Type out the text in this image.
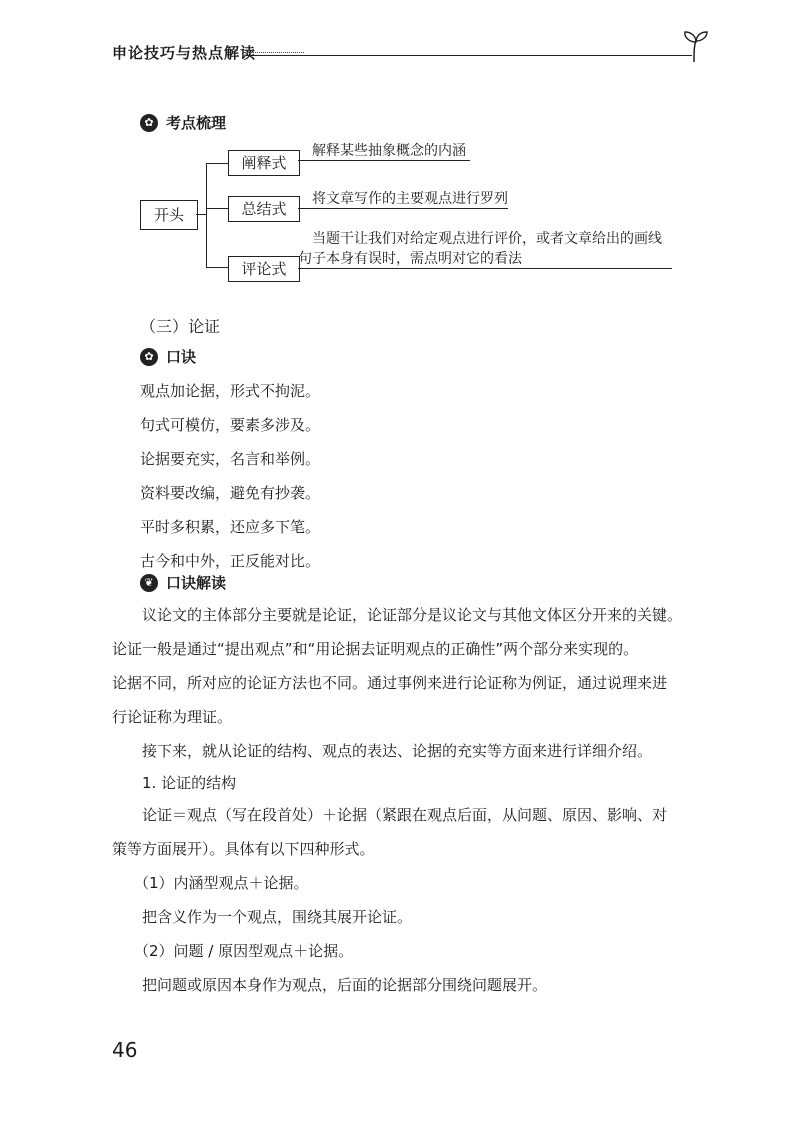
申论技巧与热点解读
✿ 考点梳理
开头
阐释式
解释某些抽象概念的内涵
总结式
将文章写作的主要观点进行罗列
评论式
当题干让我们对给定观点进行评价，或者文章给出的画线
句子本身有误时，需点明对它的看法
（三）论证
✿ 口诀
观点加论据，形式不拘泥。
句式可模仿，要素多涉及。
论据要充实，名言和举例。
资料要改编，避免有抄袭。
平时多积累，还应多下笔。
古今和中外，正反能对比。
❦ 口诀解读
议论文的主体部分主要就是论证，论证部分是议论文与其他文体区分开来的关键。
论证一般是通过“提出观点”和“用论据去证明观点的正确性”两个部分来实现的。
论据不同，所对应的论证方法也不同。通过事例来进行论证称为例证，通过说理来进
行论证称为理证。
接下来，就从论证的结构、观点的表达、论据的充实等方面来进行详细介绍。
1. 论证的结构
论证＝观点（写在段首处）＋论据（紧跟在观点后面，从问题、原因、影响、对
策等方面展开）。具体有以下四种形式。
（1）内涵型观点＋论据。
把含义作为一个观点，围绕其展开论证。
（2）问题 / 原因型观点＋论据。
把问题或原因本身作为观点，后面的论据部分围绕问题展开。
46
